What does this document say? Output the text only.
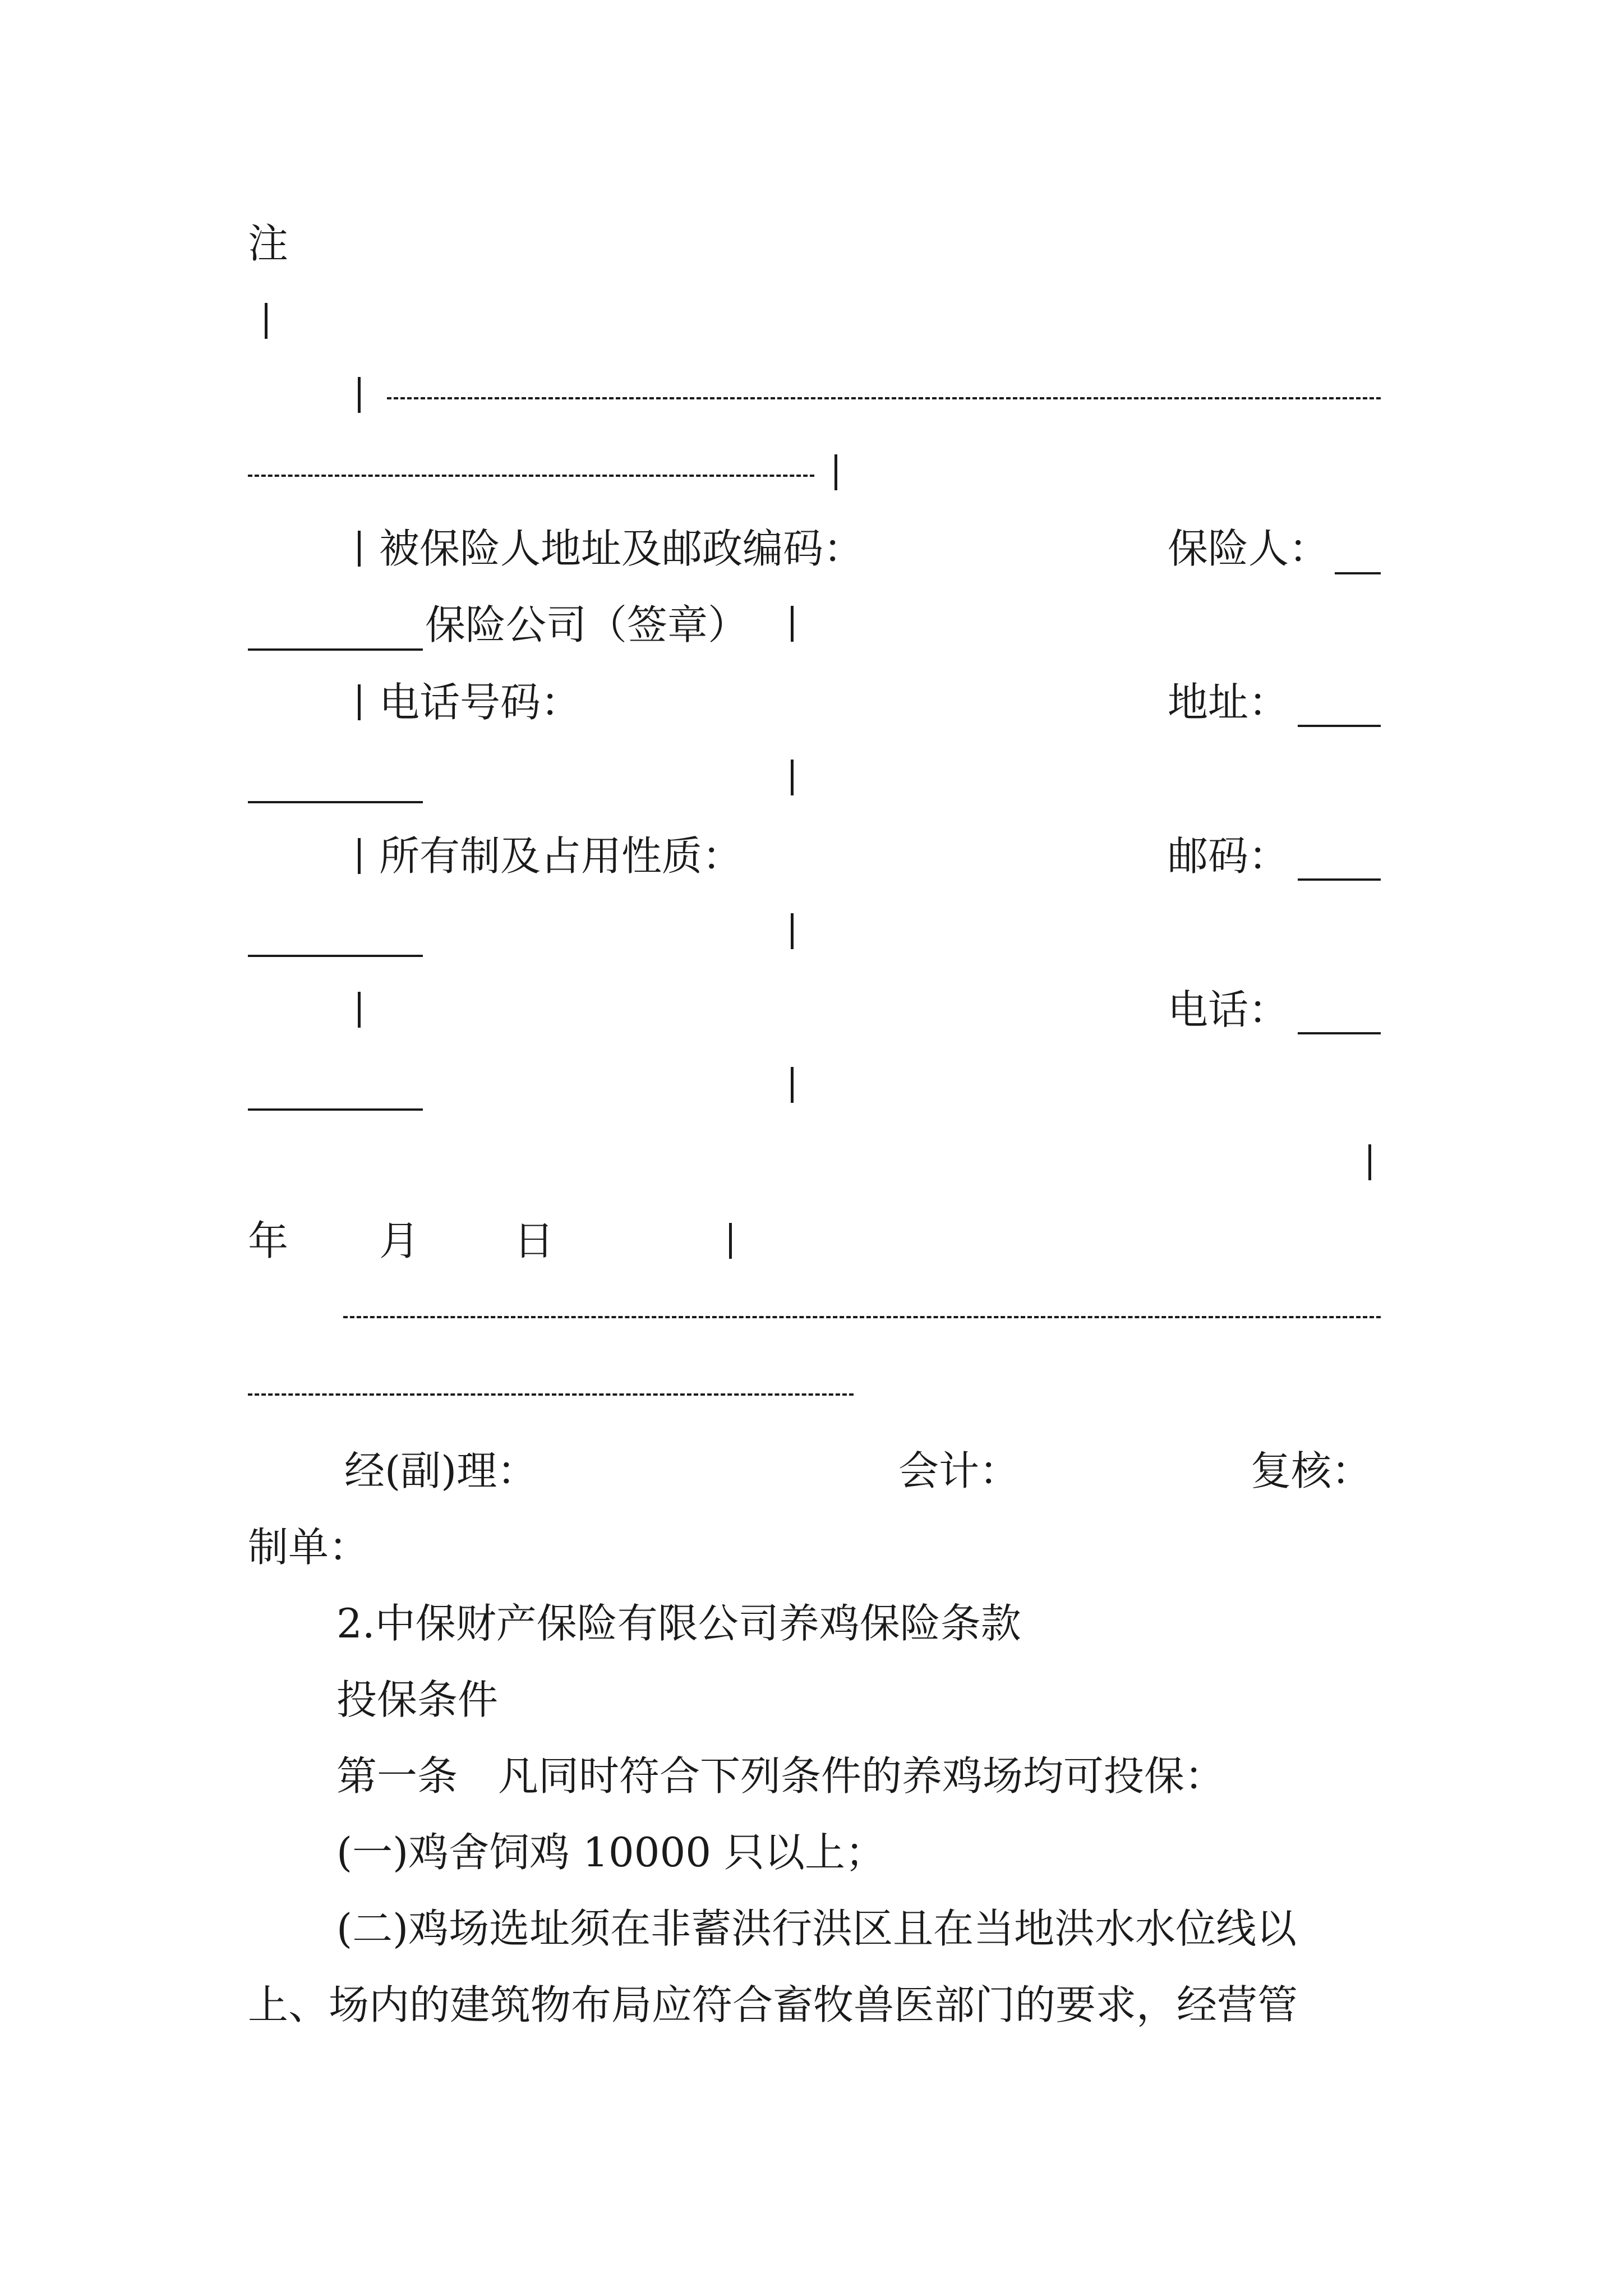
注
被保险人地址及邮政编码：	保险人：
保险公司（签章）
电话号码：	地址：
所有制及占用性质：	邮码：
电话：
年 月 日
经(副)理：	会计：	复核：
制单：
2.中保财产保险有限公司养鸡保险条款
投保条件
第一条　凡同时符合下列条件的养鸡场均可投保：
(一)鸡舍饲鸡 10000 只以上；
(二)鸡场选址须在非蓄洪行洪区且在当地洪水水位线以
上、场内的建筑物布局应符合畜牧兽医部门的要求，经营管
